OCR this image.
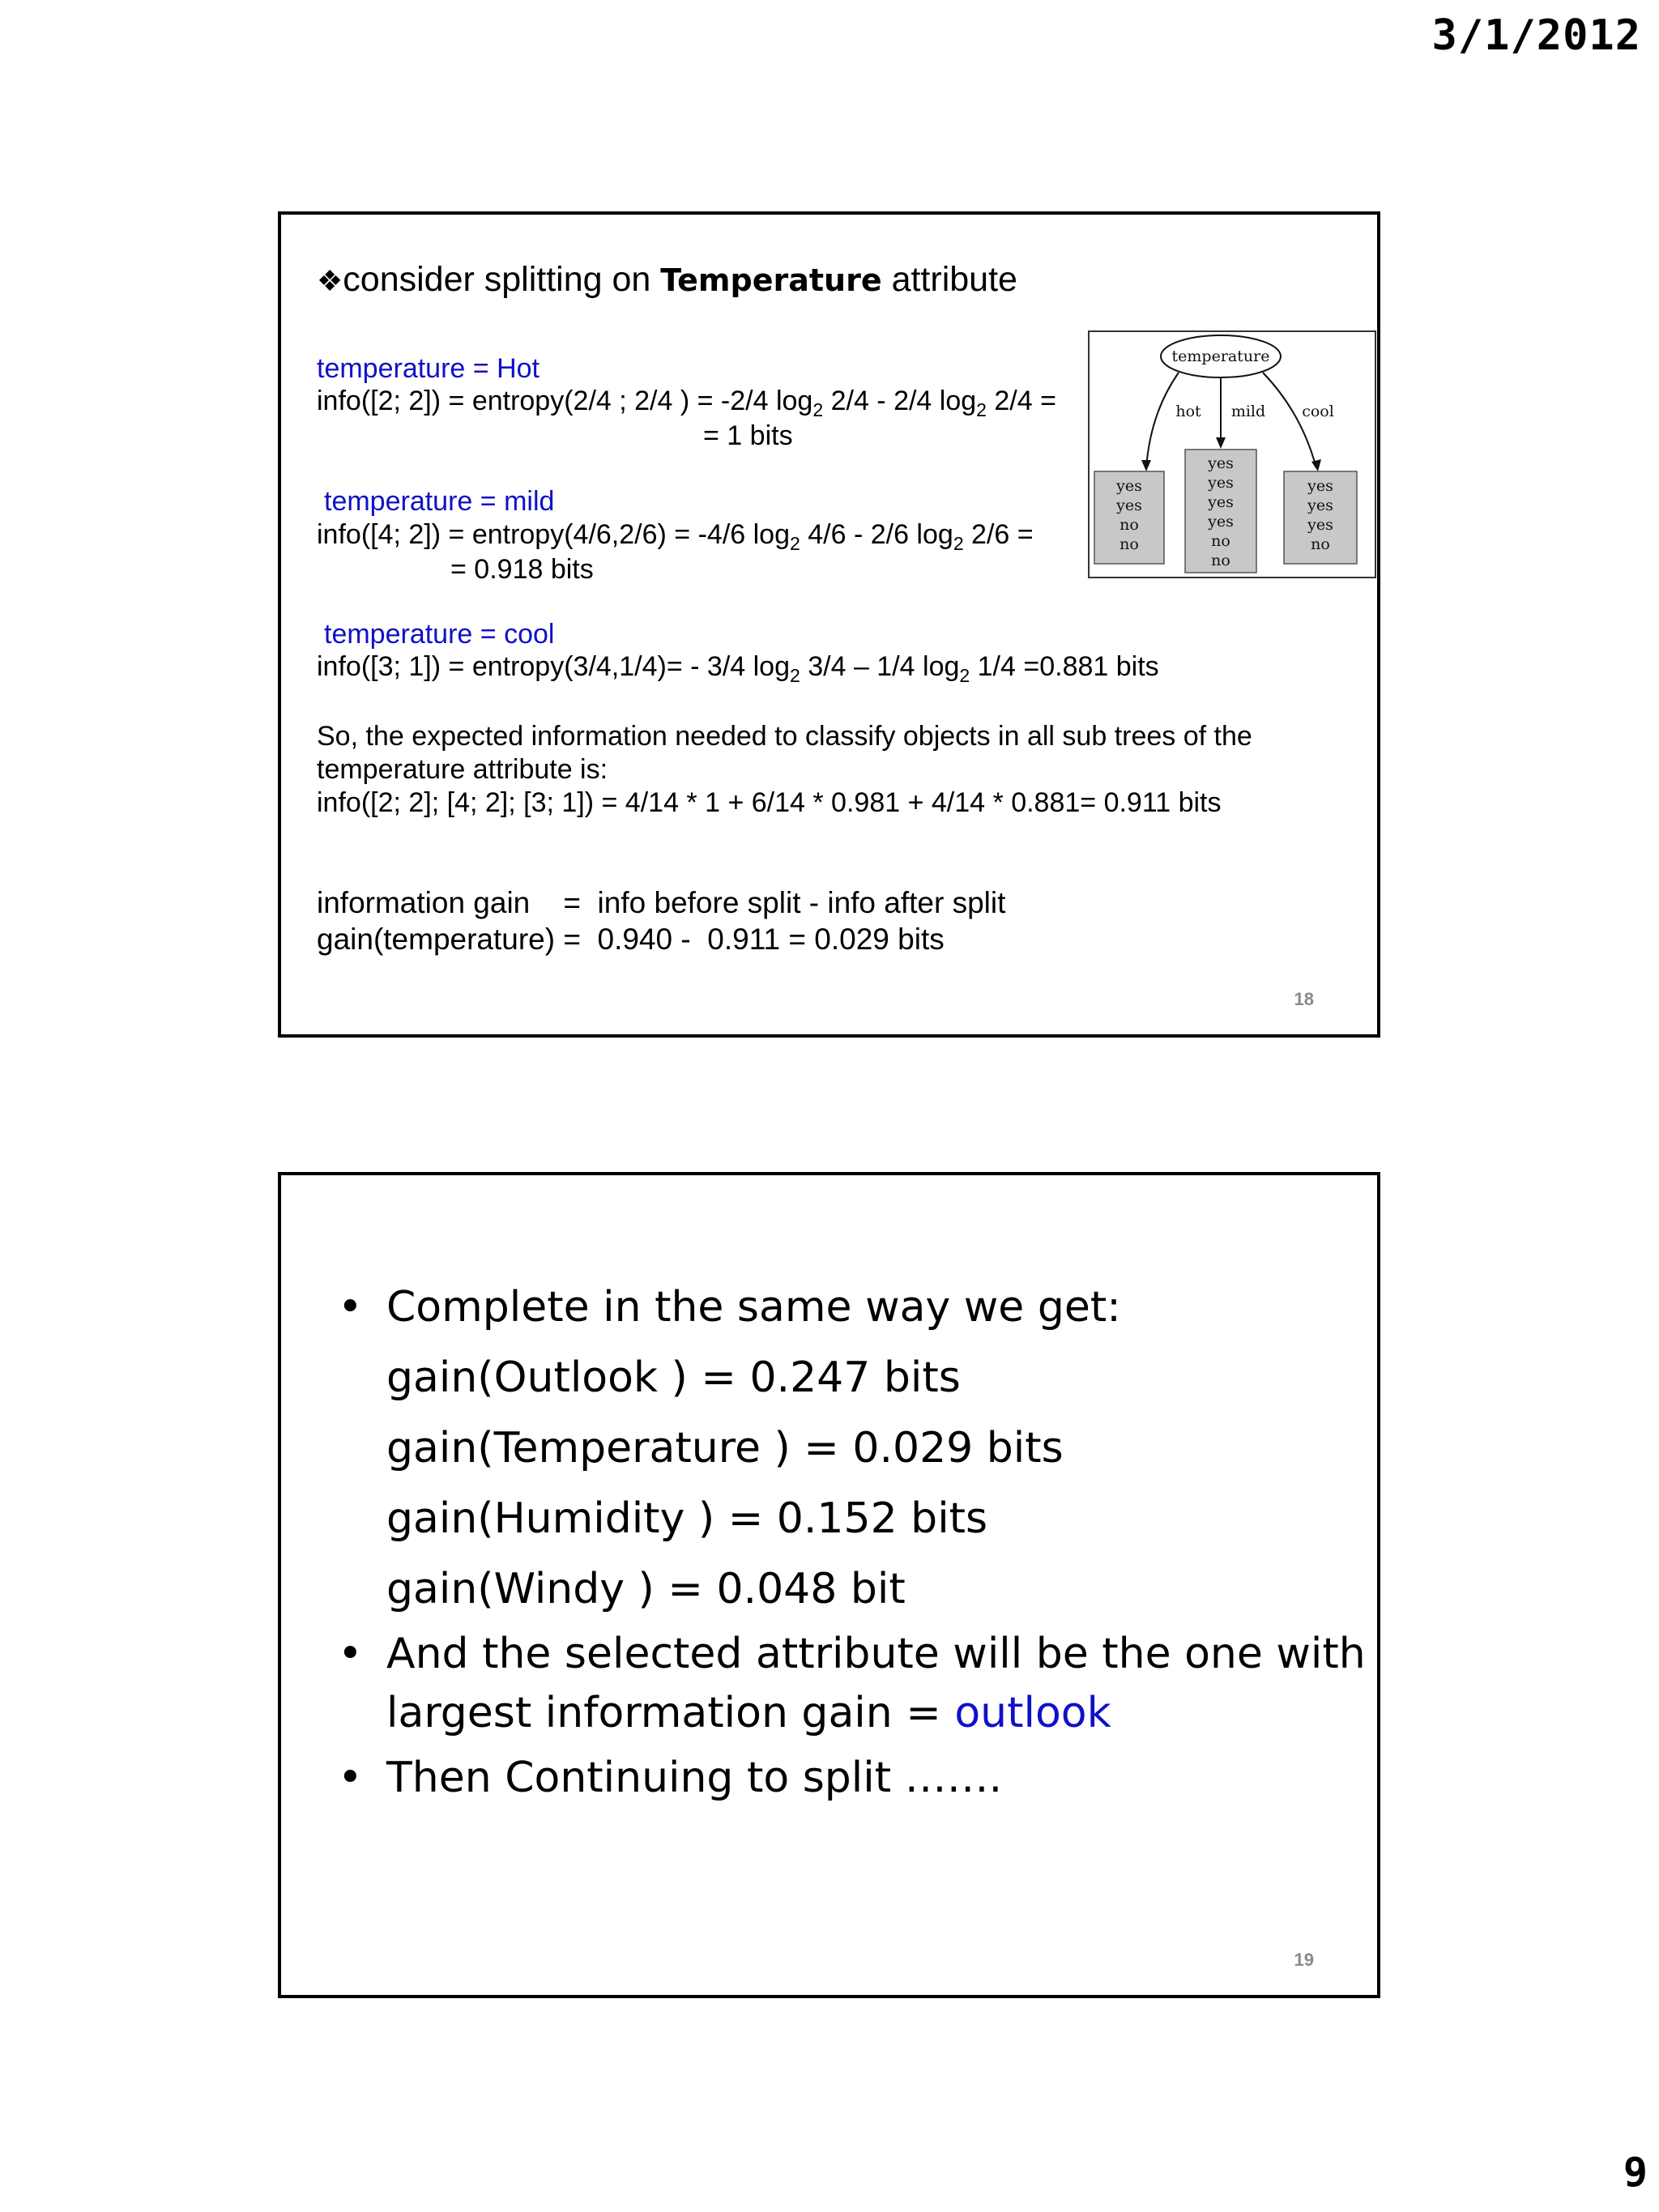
3/1/2012
❖consider splitting on Temperature attribute
temperature = Hot
info([2; 2]) = entropy(2/4 ; 2/4 ) = -2/4 $\log_2 2/4 - 2/4$ $\log_2 2/4$ =
= 1 bits
temperature = mild
info([4; 2]) = entropy(4/6,2/6) = -4/6 $\log_2 4/6 - 2/6$ $\log_2 2/6$ =
= 0.918 bits
temperature = cool
info([3; 1]) = entropy(3/4,1/4)= - 3/4 $\log_2 3/4 - 1/4$ $\log_2 1/4 =0.881$ bits
So, the expected information needed to classify objects in all sub trees of the
temperature attribute is:
info([2; 2]; [4; 2]; [3; 1]) = 4/14 * 1 + 6/14 * 0.981 + 4/14 * 0.881= 0.911 bits
information gain    =  info before split - info after split
gain(temperature) =  0.940 -  0.911 = 0.029 bits
temperature
hot mild cool
yes
yes
no
no
yes
yes
yes
yes
no
no
yes
yes
yes
no
18
• Complete in the same way we get:
gain(Outlook ) = 0.247 bits
gain(Temperature ) = 0.029 bits
gain(Humidity ) = 0.152 bits
gain(Windy ) = 0.048 bit
• And the selected attribute will be the one with
largest information gain = outlook
• Then Continuing to split …….
19
9
